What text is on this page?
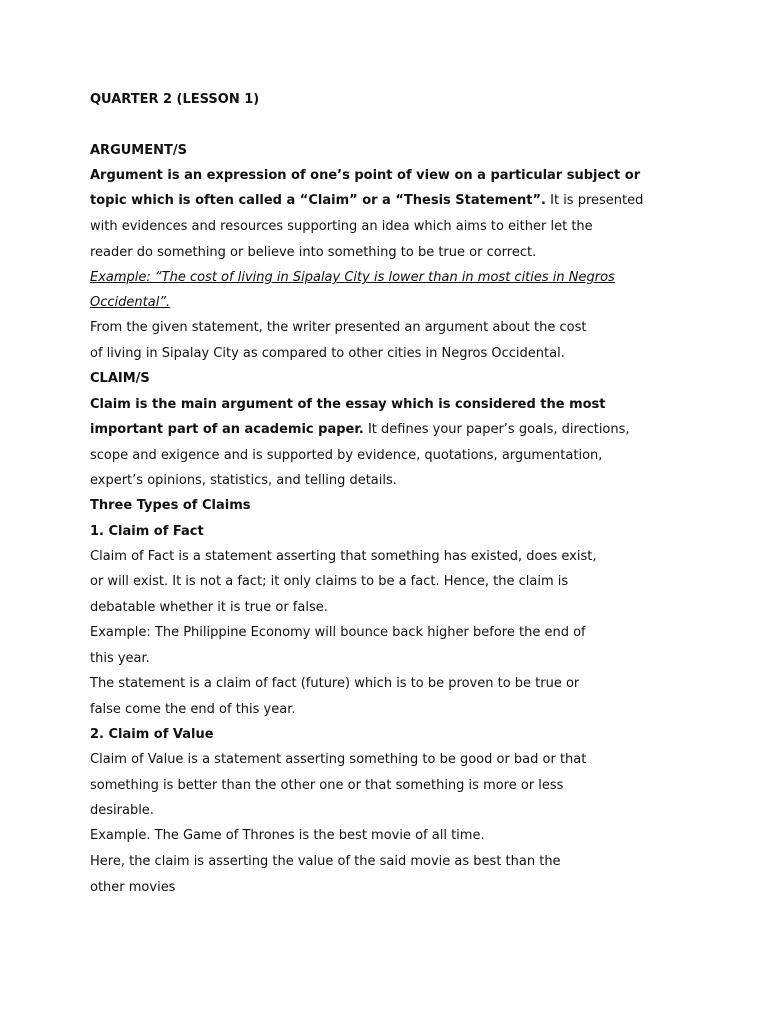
QUARTER 2 (LESSON 1)

ARGUMENT/S

Argument is an expression of one’s point of view on a particular subject or

topic which is often called a “Claim” or a “Thesis Statement”. It is presented

with evidences and resources supporting an idea which aims to either let the

reader do something or believe into something to be true or correct.

Example: “The cost of living in Sipalay City is lower than in most cities in Negros

Occidental”.

From the given statement, the writer presented an argument about the cost

of living in Sipalay City as compared to other cities in Negros Occidental.

CLAIM/S

Claim is the main argument of the essay which is considered the most

important part of an academic paper. It defines your paper’s goals, directions,

scope and exigence and is supported by evidence, quotations, argumentation,

expert’s opinions, statistics, and telling details.

Three Types of Claims

1. Claim of Fact

Claim of Fact is a statement asserting that something has existed, does exist,

or will exist. It is not a fact; it only claims to be a fact. Hence, the claim is

debatable whether it is true or false.

Example: The Philippine Economy will bounce back higher before the end of

this year.

The statement is a claim of fact (future) which is to be proven to be true or

false come the end of this year.

2. Claim of Value

Claim of Value is a statement asserting something to be good or bad or that

something is better than the other one or that something is more or less

desirable.

Example. The Game of Thrones is the best movie of all time.

Here, the claim is asserting the value of the said movie as best than the

other movies
